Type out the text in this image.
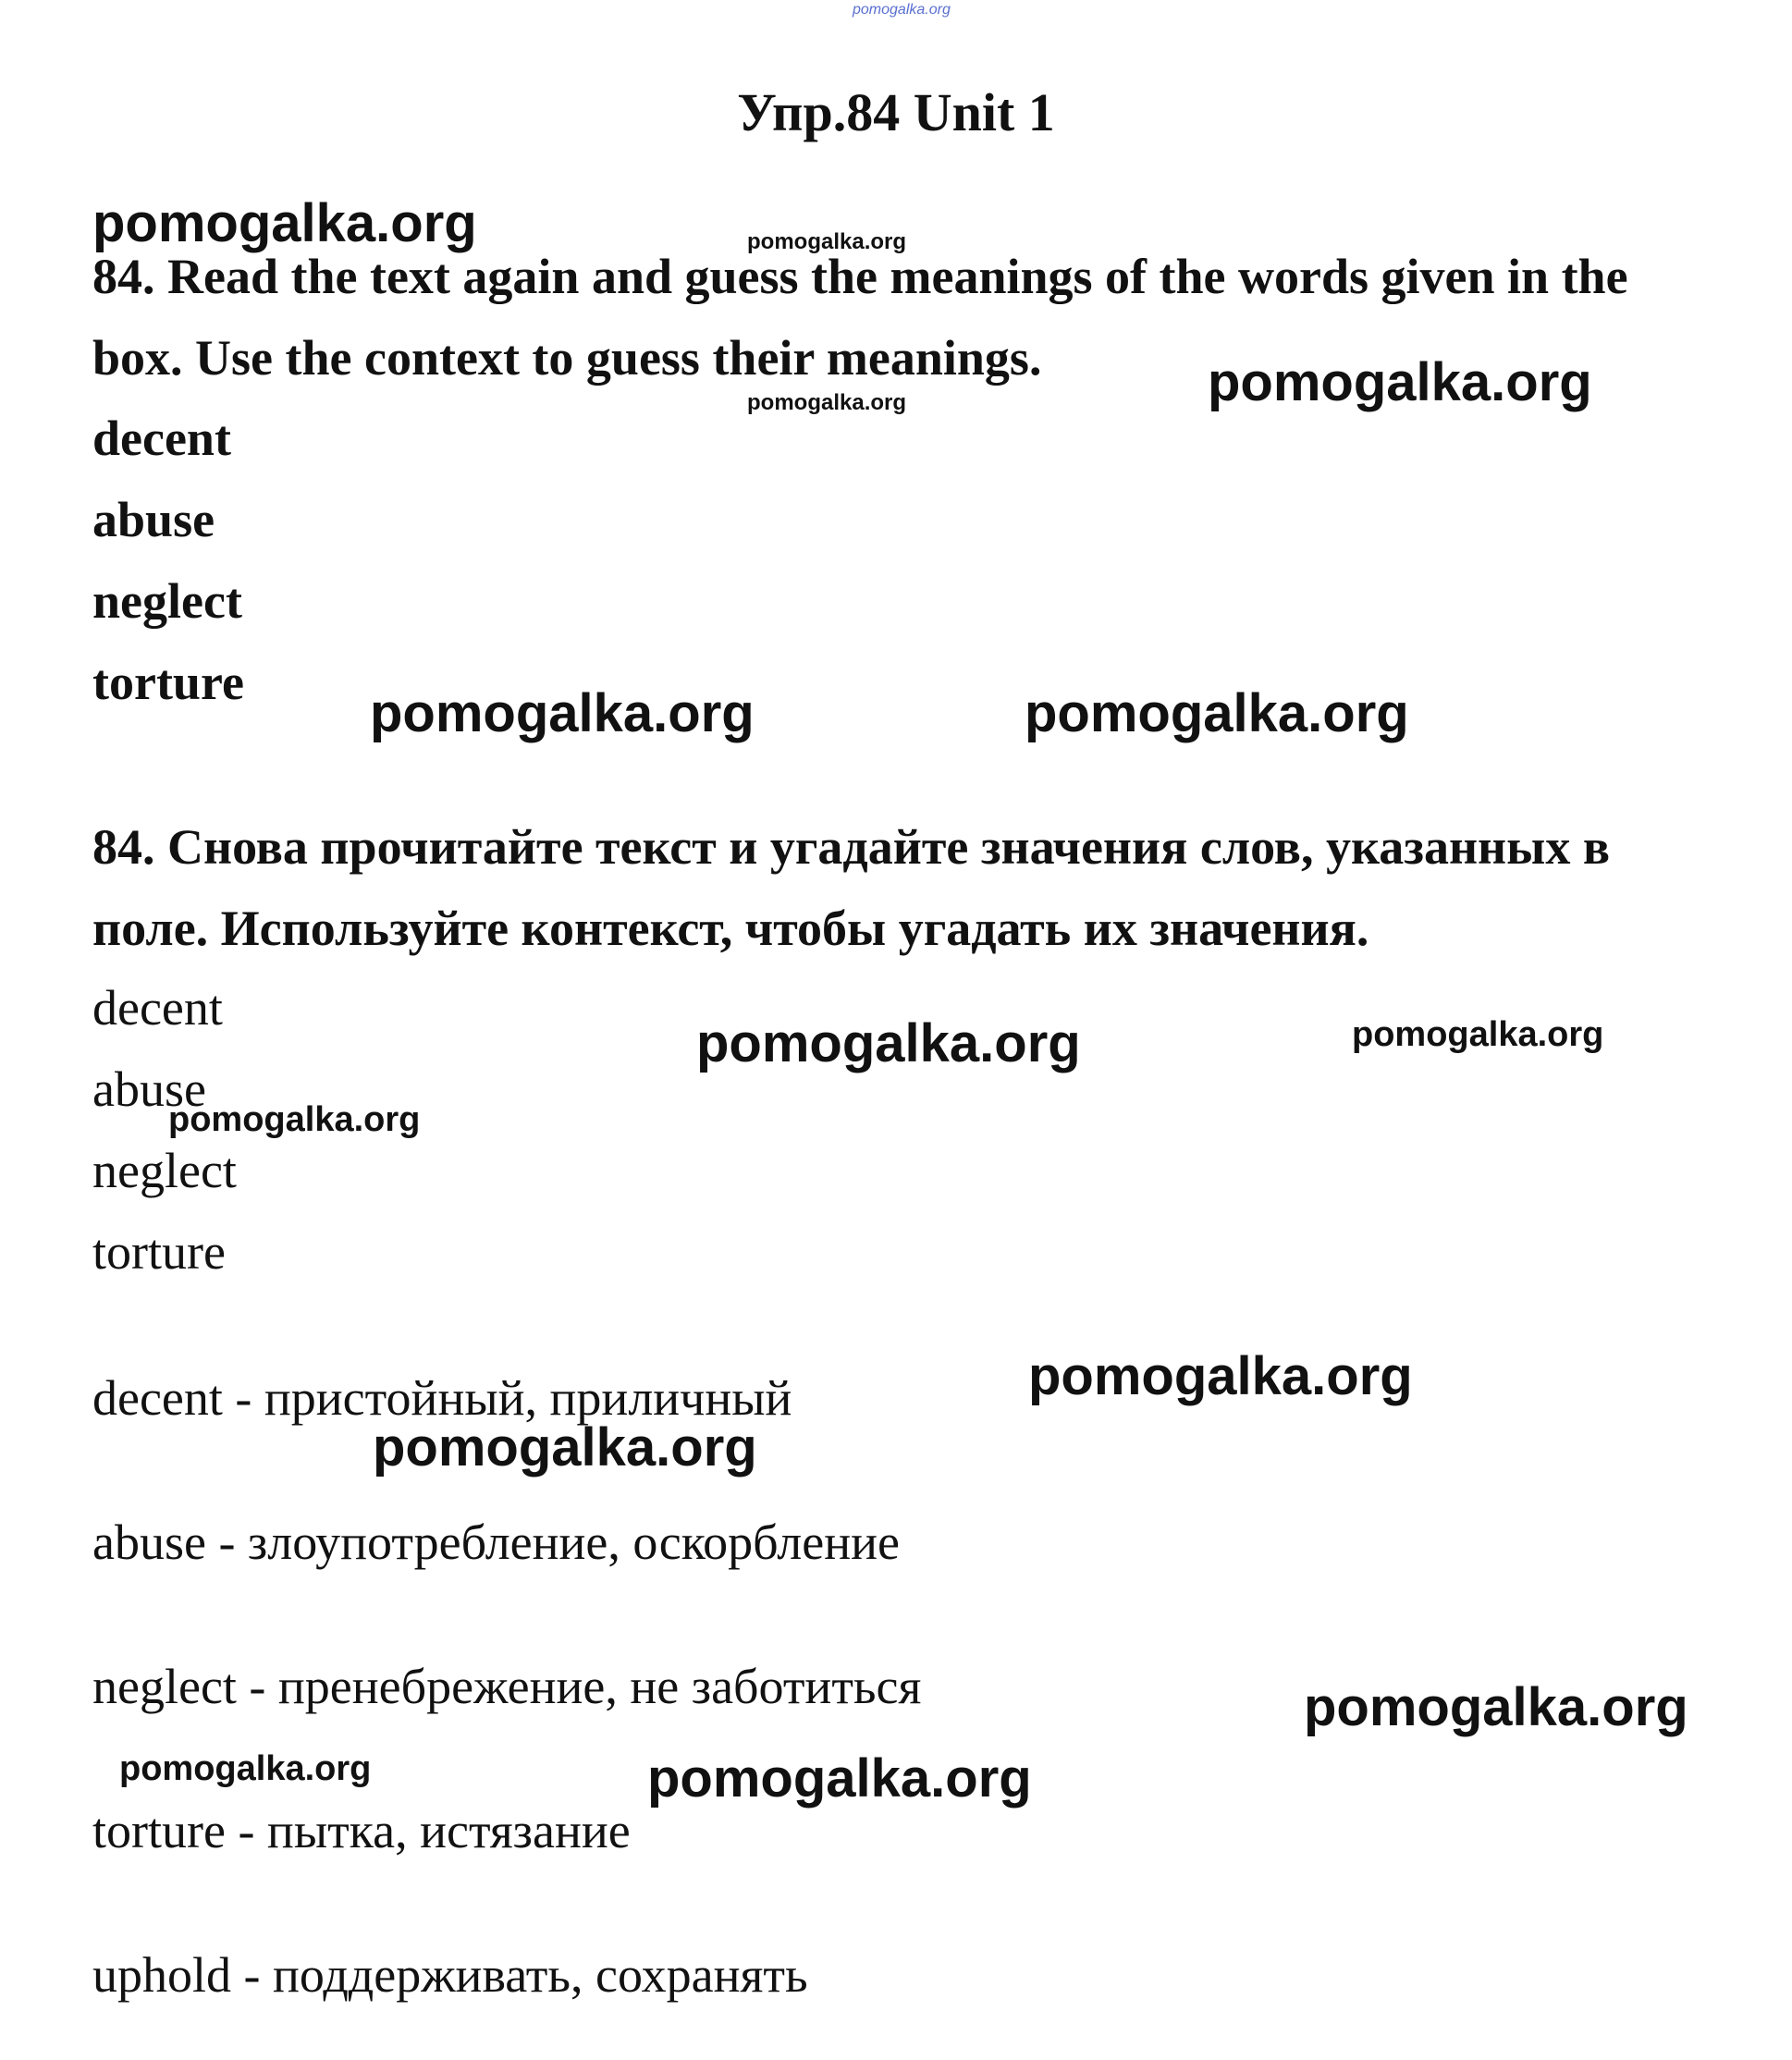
pomogalka.org
Упр.84 Unit 1

84. Read the text again and guess the meanings of the words given in the box. Use the context to guess their meanings.

decent
abuse
neglect
torture

84. Снова прочитайте текст и угадайте значения слов, указанных в поле. Используйте контекст, чтобы угадать их значения.

decent
abuse
neglect
torture
decent - пристойный, приличный
abuse - злоупотребление, оскорбление
neglect - пренебрежение, не заботиться
torture - пытка, истязание
uphold - поддерживать, сохранять
pomogalka.org	pomogalka.org
pomogalka.org	pomogalka.org
pomogalka.org	pomogalka.org
pomogalka.org	pomogalka.org
pomogalka.org
pomogalka.org
pomogalka.org
pomogalka.org
pomogalka.org	pomogalka.org
